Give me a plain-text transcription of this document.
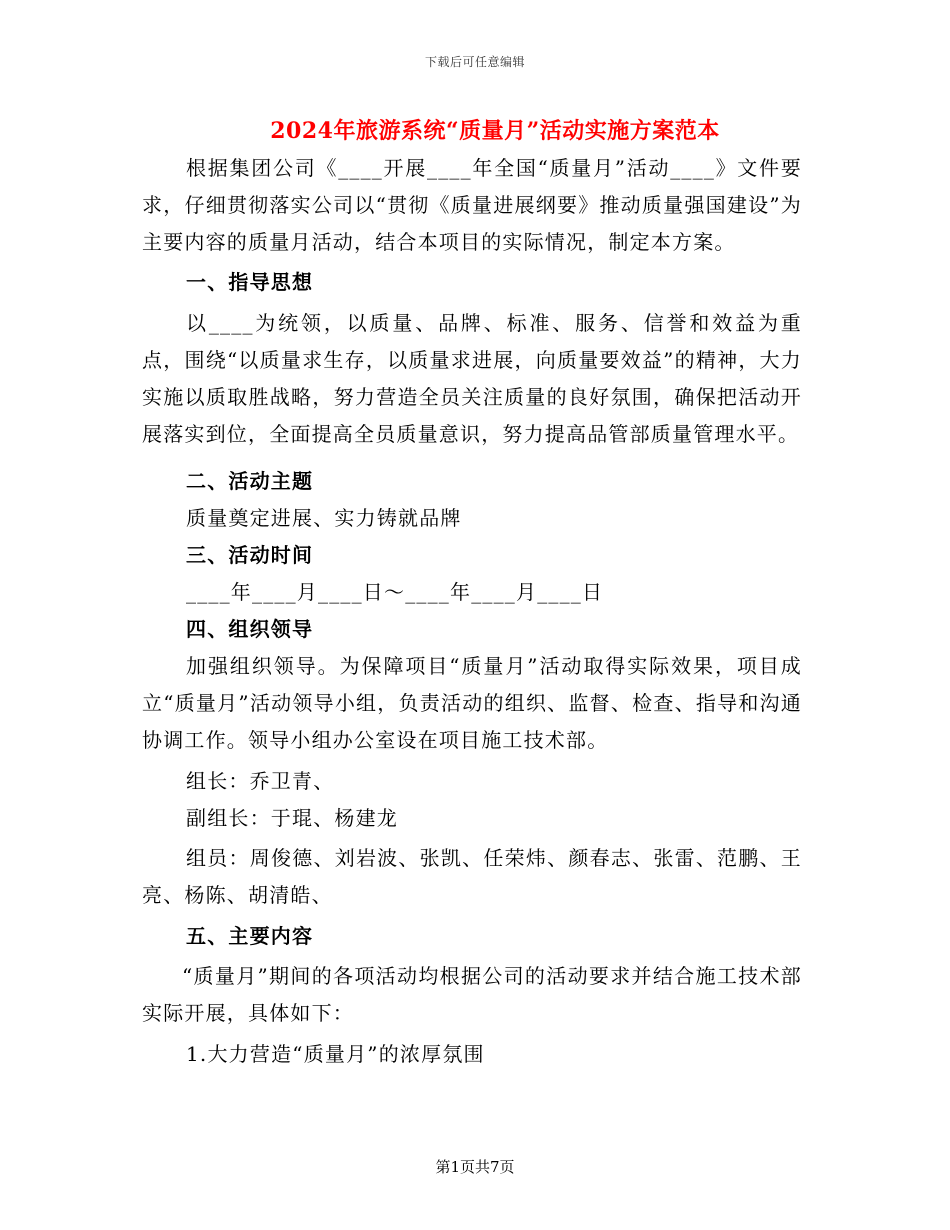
下载后可任意编辑
2024年旅游系统“质量月”活动实施方案范本

根据集团公司《____开展____年全国“质量月”活动____》文件要求，仔细贯彻落实公司以“贯彻《质量进展纲要》推动质量强国建设”为主要内容的质量月活动，结合本项目的实际情况，制定本方案。

一、指导思想

以____为统领，以质量、品牌、标准、服务、信誉和效益为重点，围绕“以质量求生存，以质量求进展，向质量要效益”的精神，大力实施以质取胜战略，努力营造全员关注质量的良好氛围，确保把活动开展落实到位，全面提高全员质量意识，努力提高品管部质量管理水平。

二、活动主题

质量奠定进展、实力铸就品牌

三、活动时间

____年____月____日～____年____月____日

四、组织领导

加强组织领导。为保障项目“质量月”活动取得实际效果，项目成立“质量月”活动领导小组，负责活动的组织、监督、检查、指导和沟通协调工作。领导小组办公室设在项目施工技术部。

组长：乔卫青、

副组长：于琨、杨建龙

组员：周俊德、刘岩波、张凯、任荣炜、颜春志、张雷、范鹏、王亮、杨陈、胡清皓、

五、主要内容

“质量月”期间的各项活动均根据公司的活动要求并结合施工技术部实际开展，具体如下：

1.大力营造“质量月”的浓厚氛围

第1页共7页
